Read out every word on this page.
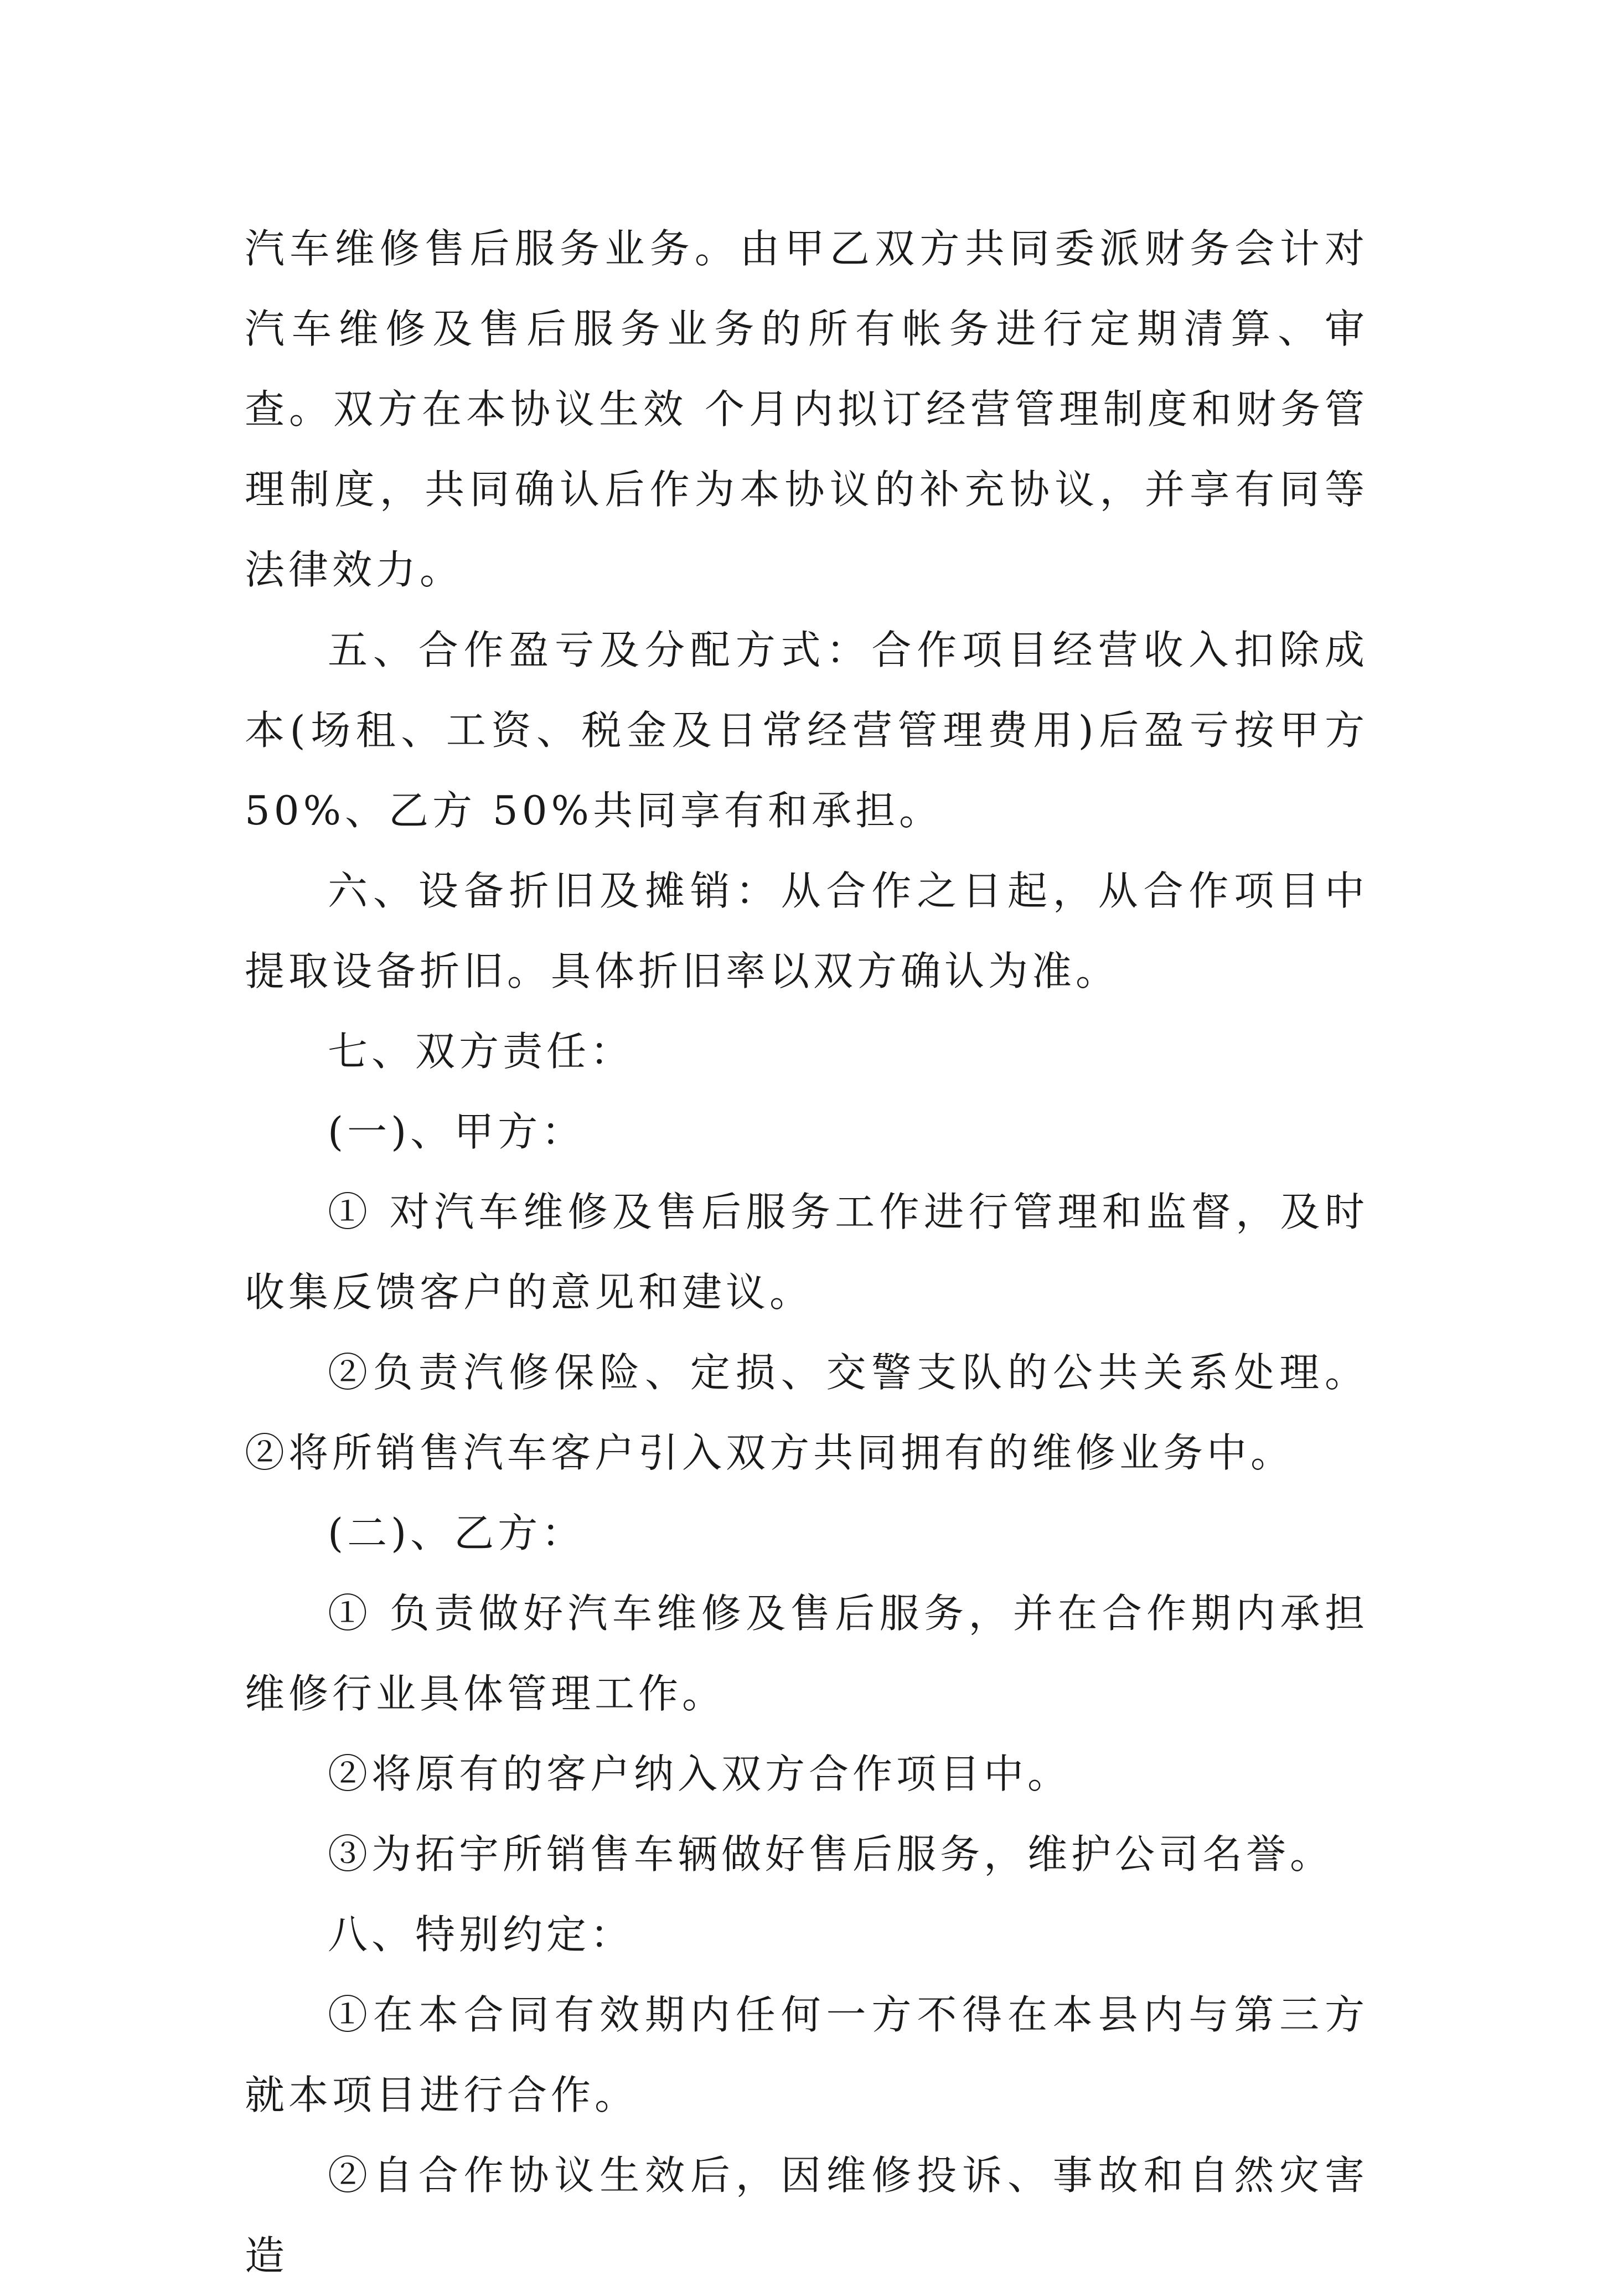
汽车维修售后服务业务。由甲乙双方共同委派财务会计对汽车维修及售后服务业务的所有帐务进行定期清算、审查。双方在本协议生效 个月内拟订经营管理制度和财务管理制度，共同确认后作为本协议的补充协议，并享有同等法律效力。

五、合作盈亏及分配方式：合作项目经营收入扣除成本(场租、工资、税金及日常经营管理费用)后盈亏按甲方 50%、乙方 50%共同享有和承担。

六、设备折旧及摊销：从合作之日起，从合作项目中提取设备折旧。具体折旧率以双方确认为准。

七、双方责任：

(一)、甲方：

① 对汽车维修及售后服务工作进行管理和监督，及时收集反馈客户的意见和建议。

②负责汽修保险、定损、交警支队的公共关系处理。 ②将所销售汽车客户引入双方共同拥有的维修业务中。

(二)、乙方：

① 负责做好汽车维修及售后服务，并在合作期内承担维修行业具体管理工作。

②将原有的客户纳入双方合作项目中。

③为拓宇所销售车辆做好售后服务，维护公司名誉。

八、特别约定：

①在本合同有效期内任何一方不得在本县内与第三方就本项目进行合作。

②自合作协议生效后，因维修投诉、事故和自然灾害造
